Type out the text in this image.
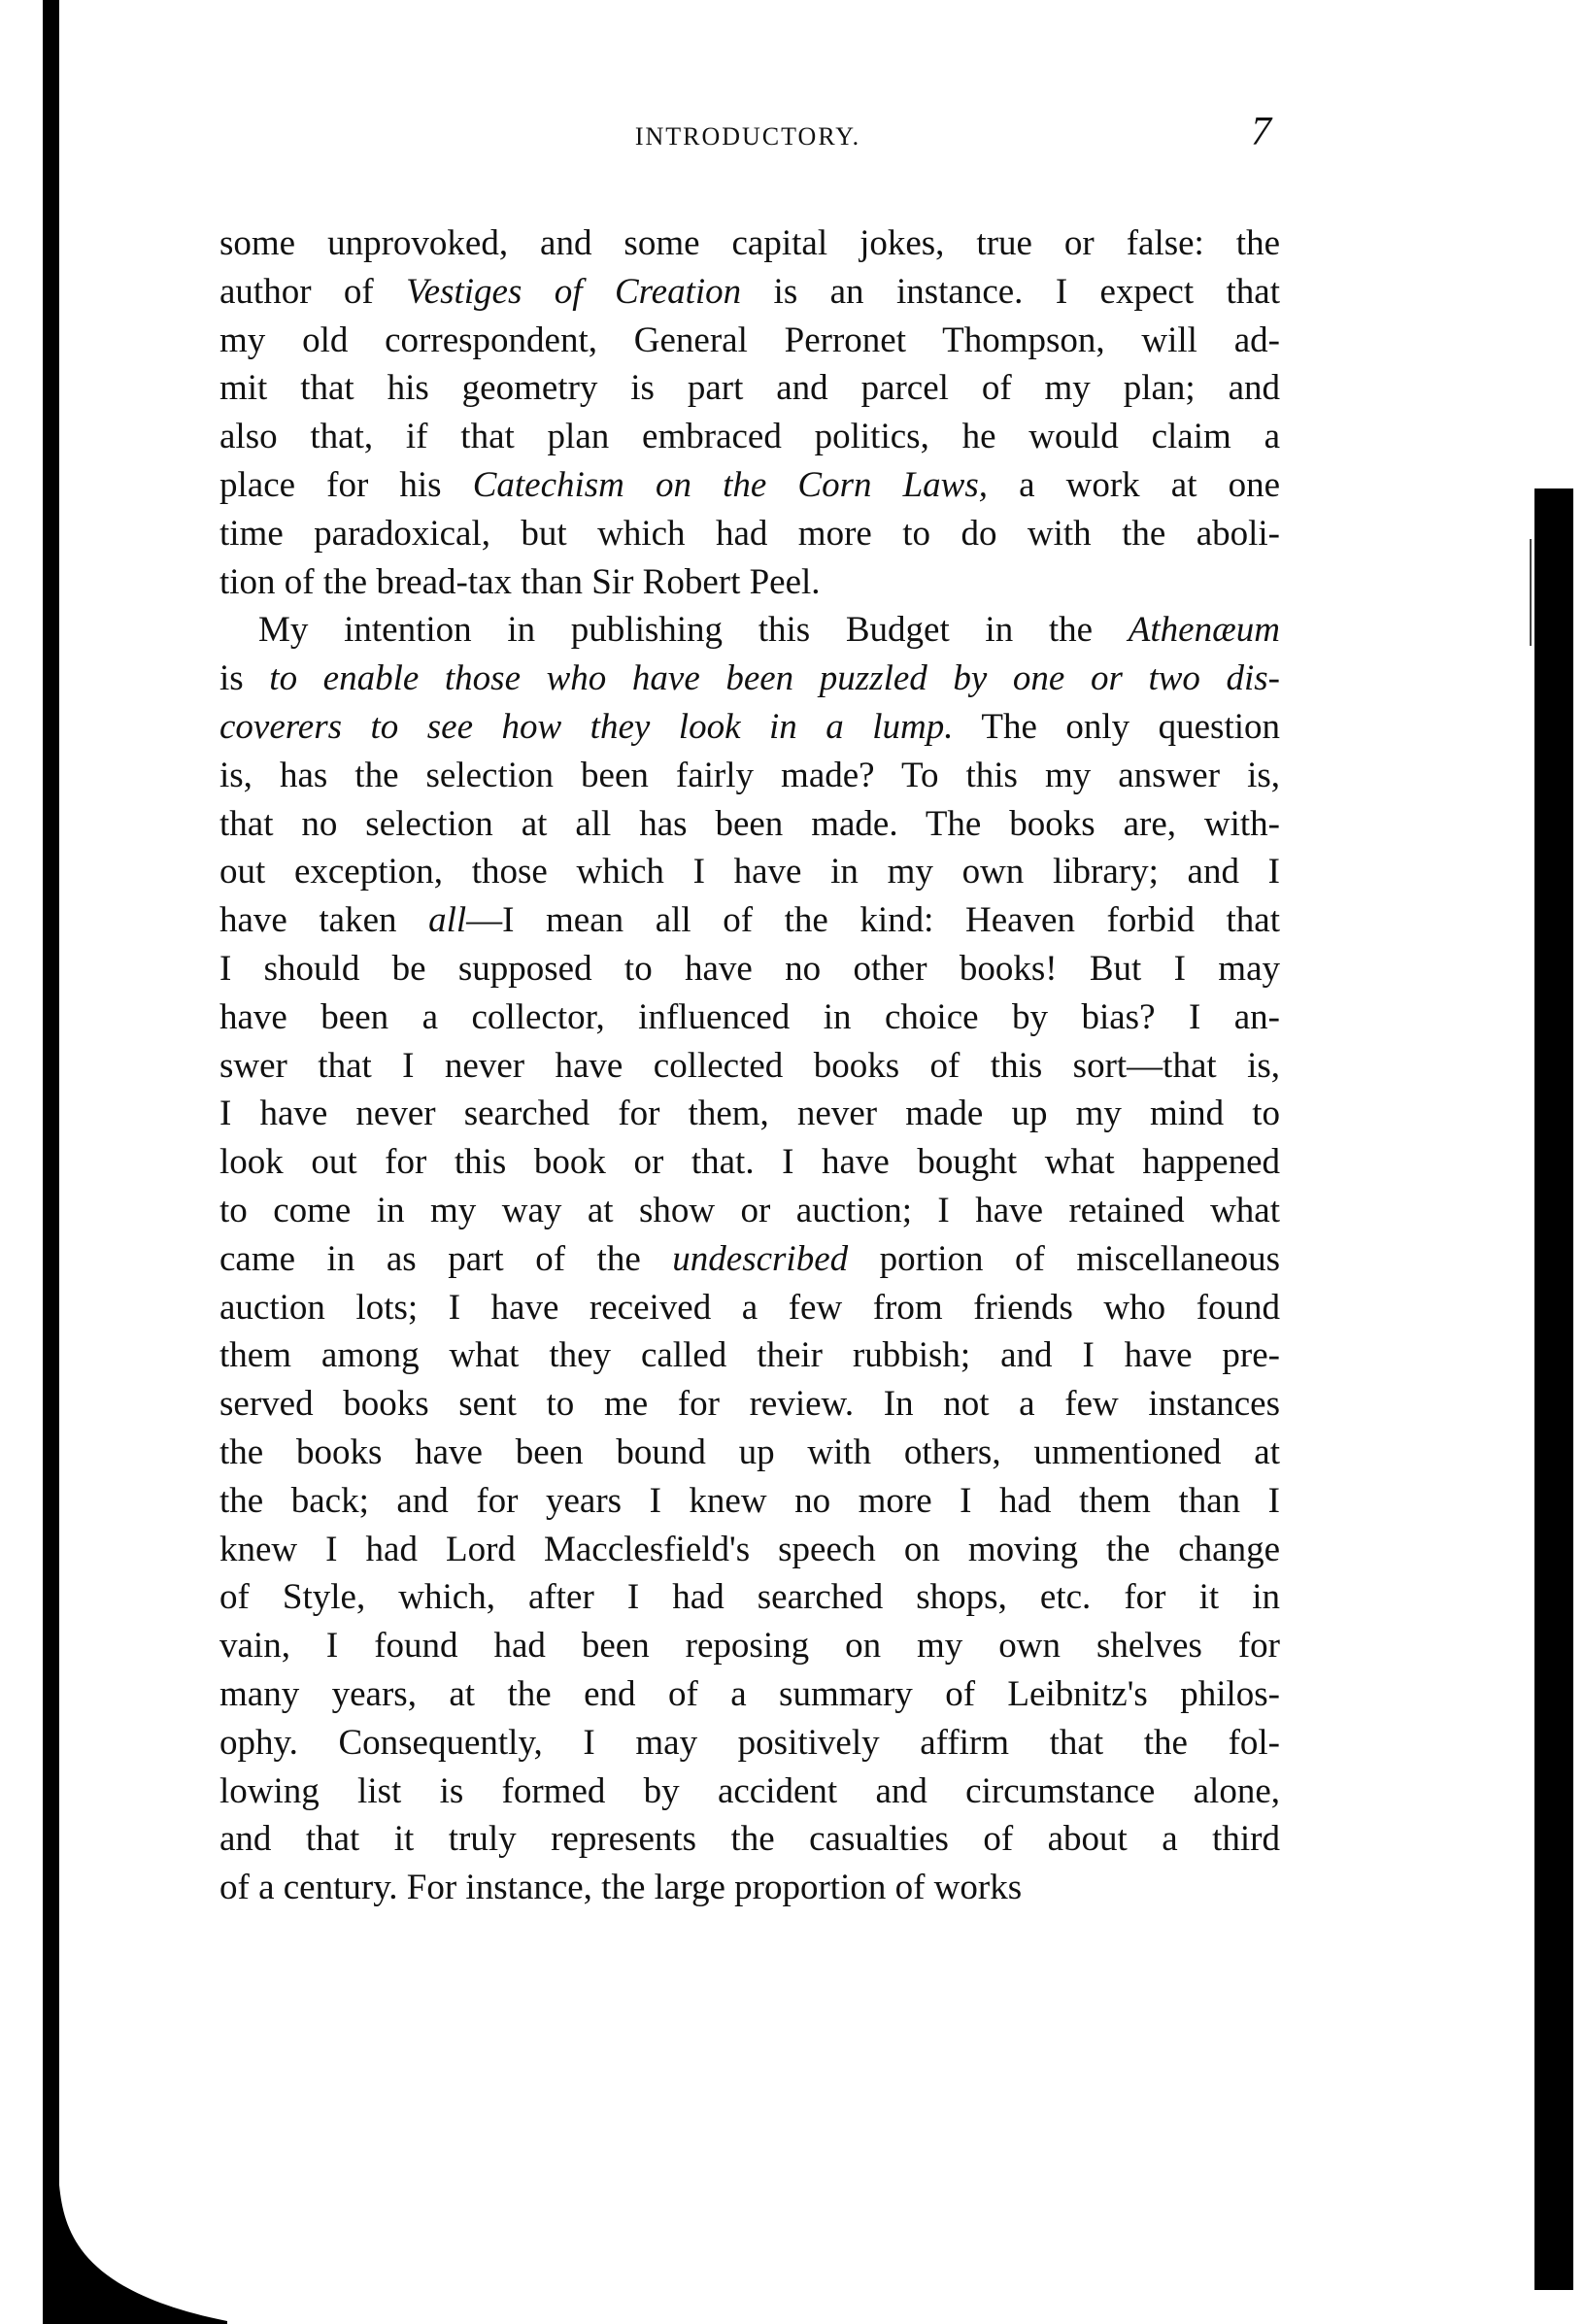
INTRODUCTORY.	7
some unprovoked, and some capital jokes, true or false: the
author of Vestiges of Creation is an instance. I expect that
my old correspondent, General Perronet Thompson, will ad-
mit that his geometry is part and parcel of my plan; and
also that, if that plan embraced politics, he would claim a
place for his Catechism on the Corn Laws, a work at one
time paradoxical, but which had more to do with the aboli-
tion of the bread-tax than Sir Robert Peel.
My intention in publishing this Budget in the Athenæum
is to enable those who have been puzzled by one or two dis-
coverers to see how they look in a lump. The only question
is, has the selection been fairly made? To this my answer is,
that no selection at all has been made. The books are, with-
out exception, those which I have in my own library; and I
have taken all—I mean all of the kind: Heaven forbid that
I should be supposed to have no other books! But I may
have been a collector, influenced in choice by bias? I an-
swer that I never have collected books of this sort—that is,
I have never searched for them, never made up my mind to
look out for this book or that. I have bought what happened
to come in my way at show or auction; I have retained what
came in as part of the undescribed portion of miscellaneous
auction lots; I have received a few from friends who found
them among what they called their rubbish; and I have pre-
served books sent to me for review. In not a few instances
the books have been bound up with others, unmentioned at
the back; and for years I knew no more I had them than I
knew I had Lord Macclesfield's speech on moving the change
of Style, which, after I had searched shops, etc. for it in
vain, I found had been reposing on my own shelves for
many years, at the end of a summary of Leibnitz's philos-
ophy. Consequently, I may positively affirm that the fol-
lowing list is formed by accident and circumstance alone,
and that it truly represents the casualties of about a third
of a century. For instance, the large proportion of works
